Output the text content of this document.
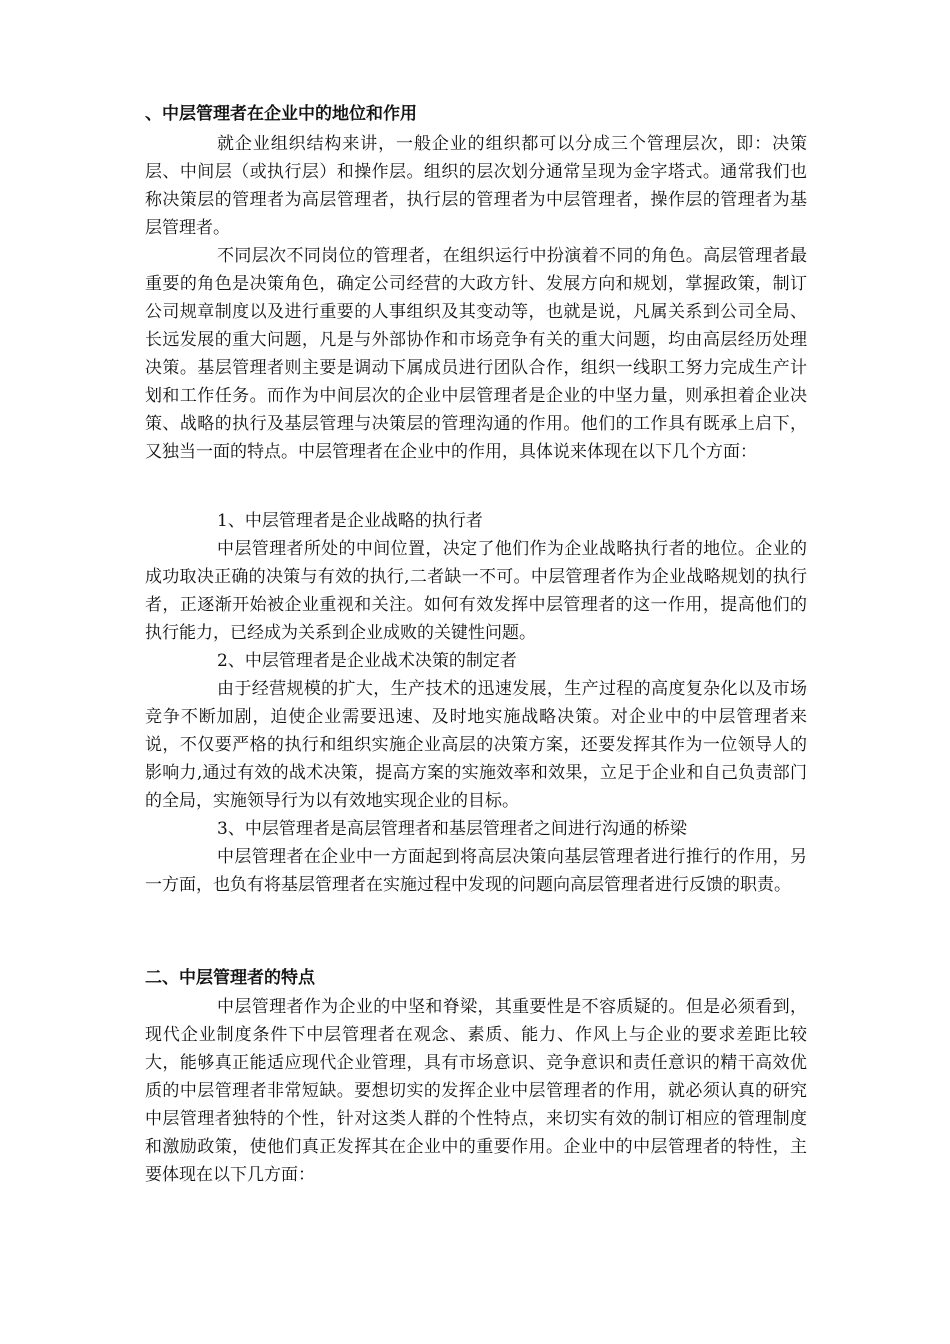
、中层管理者在企业中的地位和作用

就企业组织结构来讲，一般企业的组织都可以分成三个管理层次，即：决策层、中间层（或执行层）和操作层。组织的层次划分通常呈现为金字塔式。通常我们也称决策层的管理者为高层管理者，执行层的管理者为中层管理者，操作层的管理者为基层管理者。

不同层次不同岗位的管理者，在组织运行中扮演着不同的角色。高层管理者最重要的角色是决策角色，确定公司经营的大政方针、发展方向和规划，掌握政策，制订公司规章制度以及进行重要的人事组织及其变动等，也就是说，凡属关系到公司全局、长远发展的重大问题，凡是与外部协作和市场竞争有关的重大问题，均由高层经历处理决策。基层管理者则主要是调动下属成员进行团队合作，组织一线职工努力完成生产计划和工作任务。而作为中间层次的企业中层管理者是企业的中坚力量，则承担着企业决策、战略的执行及基层管理与决策层的管理沟通的作用。他们的工作具有既承上启下，又独当一面的特点。中层管理者在企业中的作用，具体说来体现在以下几个方面：

1、中层管理者是企业战略的执行者

中层管理者所处的中间位置，决定了他们作为企业战略执行者的地位。企业的成功取决正确的决策与有效的执行,二者缺一不可。中层管理者作为企业战略规划的执行者，正逐渐开始被企业重视和关注。如何有效发挥中层管理者的这一作用，提高他们的执行能力，已经成为关系到企业成败的关键性问题。

2、中层管理者是企业战术决策的制定者

由于经营规模的扩大，生产技术的迅速发展，生产过程的高度复杂化以及市场竞争不断加剧，迫使企业需要迅速、及时地实施战略决策。对企业中的中层管理者来说，不仅要严格的执行和组织实施企业高层的决策方案，还要发挥其作为一位领导人的影响力,通过有效的战术决策，提高方案的实施效率和效果，立足于企业和自己负责部门的全局，实施领导行为以有效地实现企业的目标。

3、中层管理者是高层管理者和基层管理者之间进行沟通的桥梁

中层管理者在企业中一方面起到将高层决策向基层管理者进行推行的作用，另一方面，也负有将基层管理者在实施过程中发现的问题向高层管理者进行反馈的职责。

二、中层管理者的特点

中层管理者作为企业的中坚和脊梁，其重要性是不容质疑的。但是必须看到，现代企业制度条件下中层管理者在观念、素质、能力、作风上与企业的要求差距比较大，能够真正能适应现代企业管理，具有市场意识、竞争意识和责任意识的精干高效优质的中层管理者非常短缺。要想切实的发挥企业中层管理者的作用，就必须认真的研究中层管理者独特的个性，针对这类人群的个性特点，来切实有效的制订相应的管理制度和激励政策，使他们真正发挥其在企业中的重要作用。企业中的中层管理者的特性，主要体现在以下几方面：
